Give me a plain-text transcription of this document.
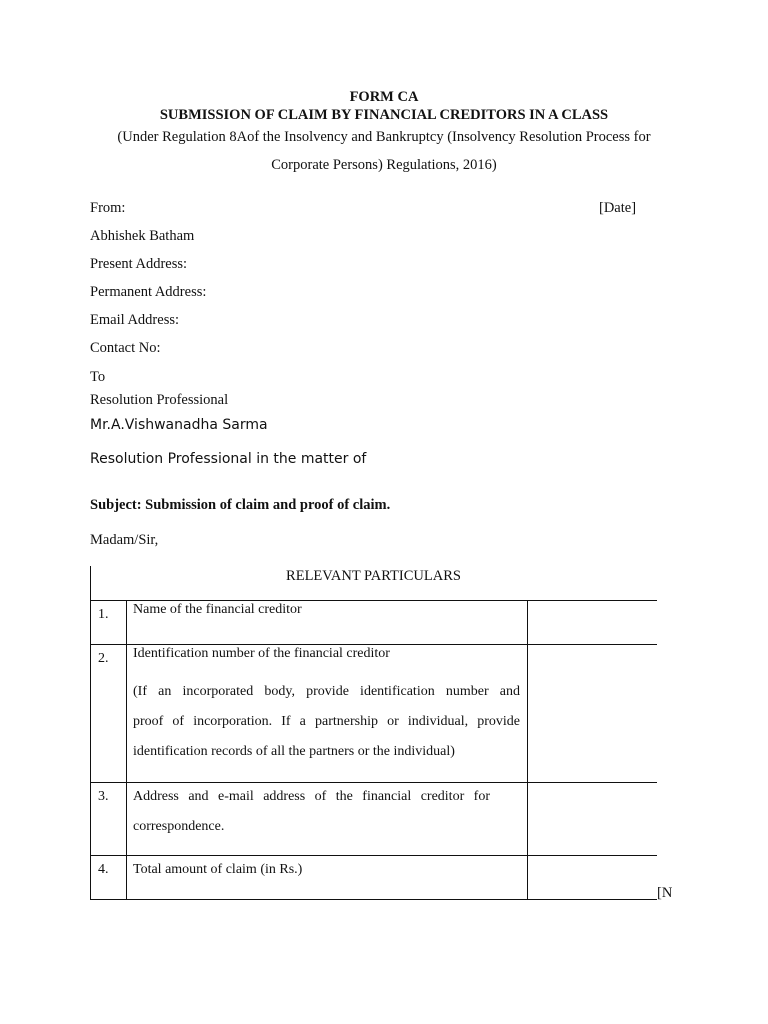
FORM CA
SUBMISSION OF CLAIM BY FINANCIAL CREDITORS IN A CLASS
(Under Regulation 8Aof the Insolvency and Bankruptcy (Insolvency Resolution Process for
Corporate Persons) Regulations, 2016)
From:	[Date]
Abhishek Batham
Present Address:
Permanent Address:
Email Address:
Contact No:
To
Resolution Professional
Mr.A.Vishwanadha Sarma
Resolution Professional in the matter of
Subject: Submission of claim and proof of claim.
Madam/Sir,
RELEVANT PARTICULARS
1. Name of the financial creditor
2. Identification number of the financial creditor
(If an incorporated body, provide identification number and
proof of incorporation. If a partnership or individual, provide
identification records of all the partners or the individual)
3. Address and e-mail address of the financial creditor for
correspondence.
4. Total amount of claim (in Rs.)
[N
